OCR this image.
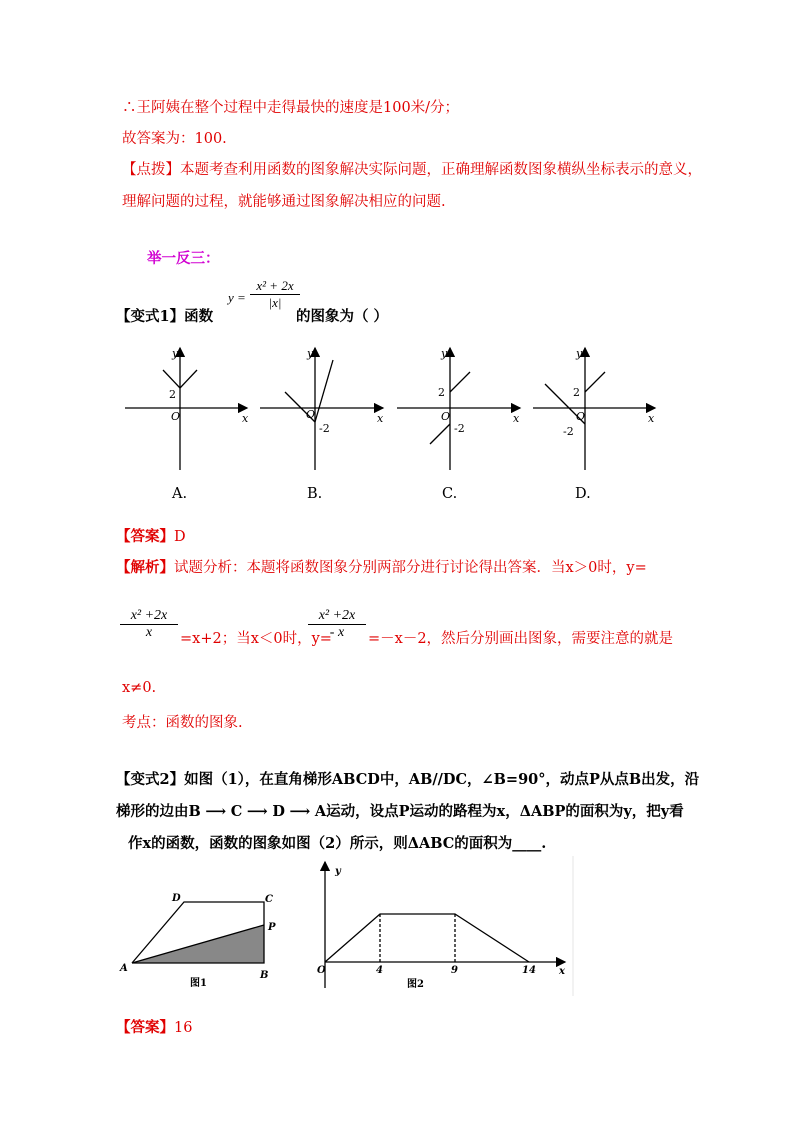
∴王阿姨在整个过程中走得最快的速度是100米/分；
故答案为：100.
【点拨】本题考查利用函数的图象解决实际问题，正确理解函数图象横纵坐标表示的意义，
理解问题的过程，就能够通过图象解决相应的问题.
举一反三：
【变式1】函数
y =
x² + 2x
|x|
的图象为（ ）
y
x
O
2
y
x
O
-2
y
x
O
2
-2
y
x
O
2
-2
A.	B.	C.	D.
【答案】D
【解析】试题分析：本题将函数图象分别两部分进行讨论得出答案．当x＞0时，y=
x² +2x
x	=x+2；当x＜0时，y=
x² +2x
- x	=－x－2，然后分别画出图象，需要注意的就是
x≠0.
考点：函数的图象.
【变式2】如图（1），在直角梯形ABCD中，AB//DC，∠B=90°，动点P从点B出发，沿
梯形的边由B ⟶ C ⟶ D ⟶ A运动，设点P运动的路程为x，ΔABP的面积为y，把y看
作x的函数，函数的图象如图（2）所示，则ΔABC的面积为____.
A
B
C
D
P
图1
y
x
O	4	9	14
图2
【答案】16
